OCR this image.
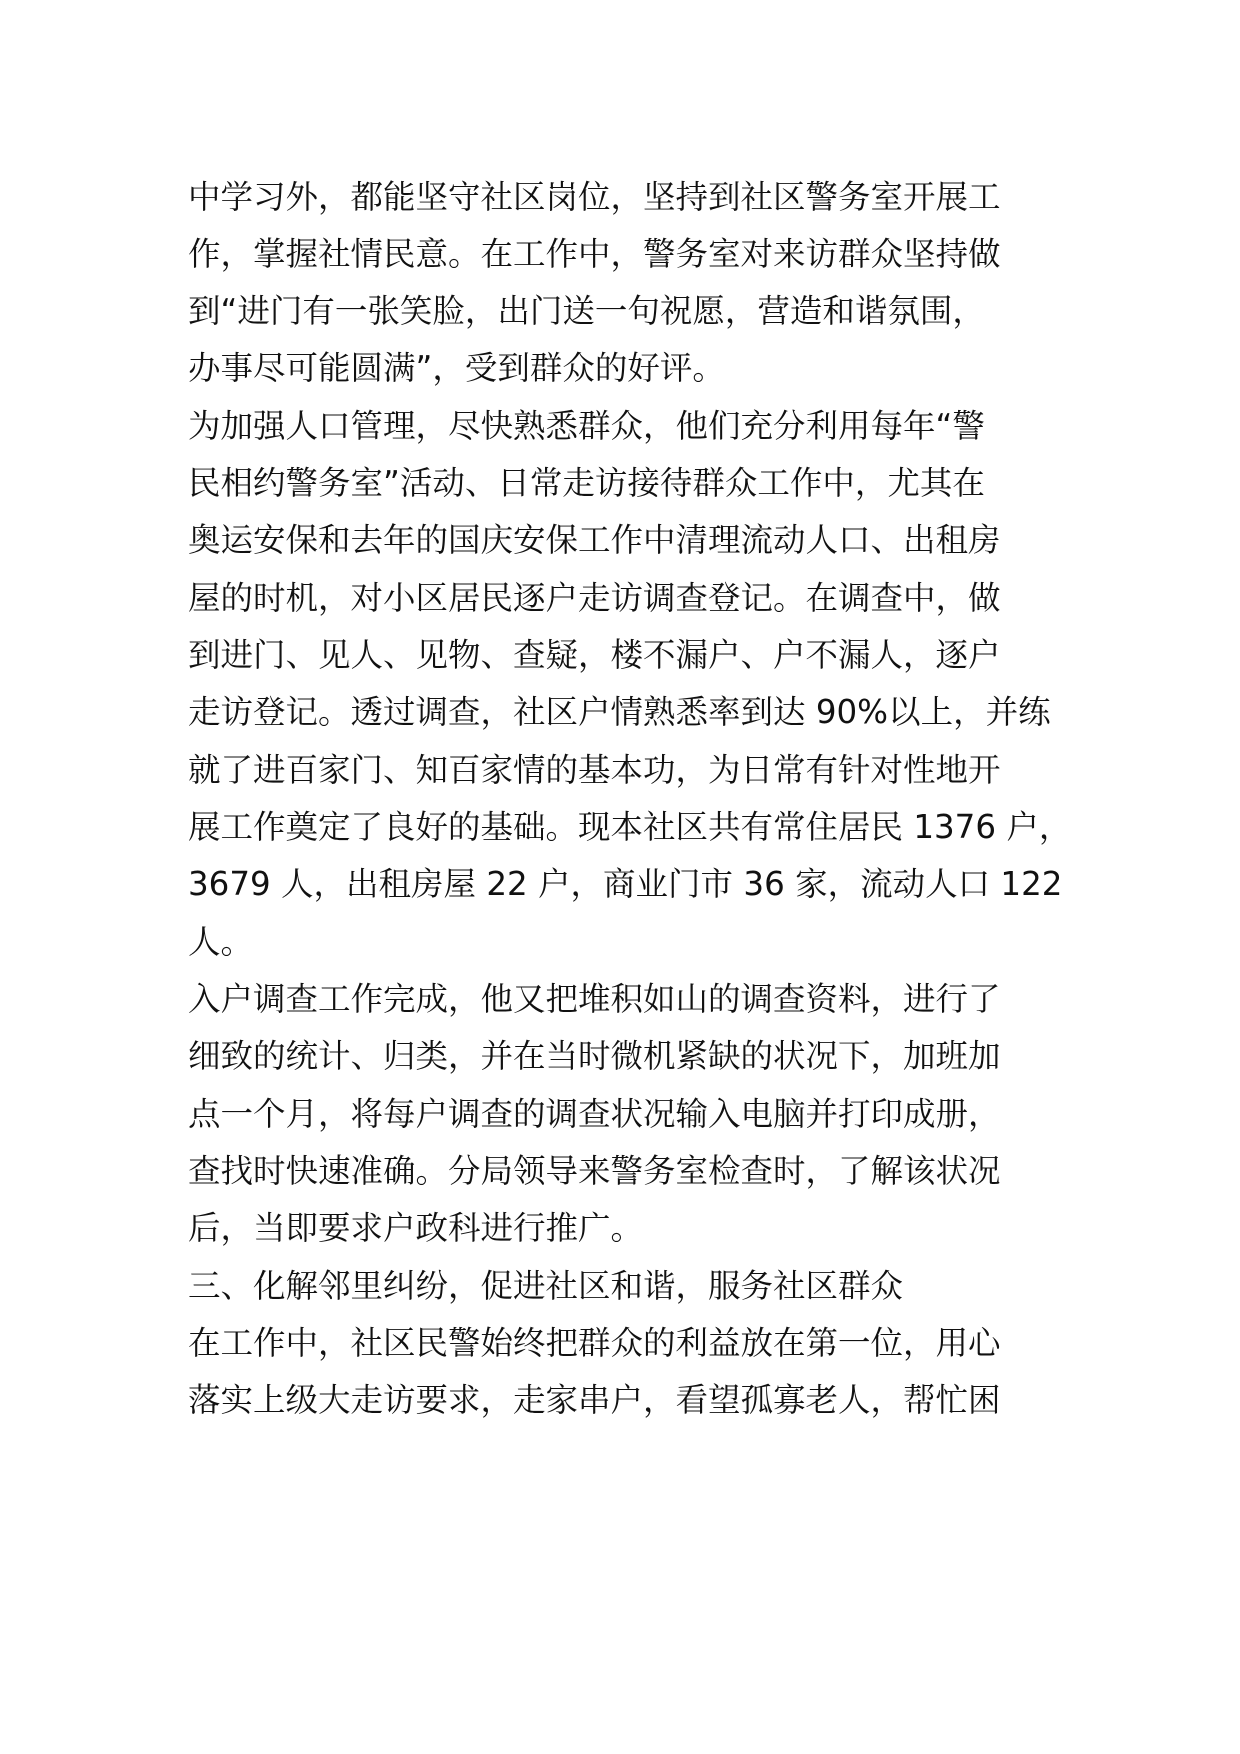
中学习外，都能坚守社区岗位，坚持到社区警务室开展工

作，掌握社情民意。在工作中，警务室对来访群众坚持做

到“进门有一张笑脸，出门送一句祝愿，营造和谐氛围，

办事尽可能圆满”，受到群众的好评。

为加强人口管理，尽快熟悉群众，他们充分利用每年“警

民相约警务室”活动、日常走访接待群众工作中，尤其在

奥运安保和去年的国庆安保工作中清理流动人口、出租房

屋的时机，对小区居民逐户走访调查登记。在调查中，做

到进门、见人、见物、查疑，楼不漏户、户不漏人，逐户

走访登记。透过调查，社区户情熟悉率到达 90%以上，并练

就了进百家门、知百家情的基本功，为日常有针对性地开

展工作奠定了良好的基础。现本社区共有常住居民 1376 户，

3679 人，出租房屋 22 户，商业门市 36 家，流动人口 122

人。

入户调查工作完成，他又把堆积如山的调查资料，进行了

细致的统计、归类，并在当时微机紧缺的状况下，加班加

点一个月，将每户调查的调查状况输入电脑并打印成册，

查找时快速准确。分局领导来警务室检查时，了解该状况

后，当即要求户政科进行推广。

三、化解邻里纠纷，促进社区和谐，服务社区群众

在工作中，社区民警始终把群众的利益放在第一位，用心

落实上级大走访要求，走家串户，看望孤寡老人，帮忙困
